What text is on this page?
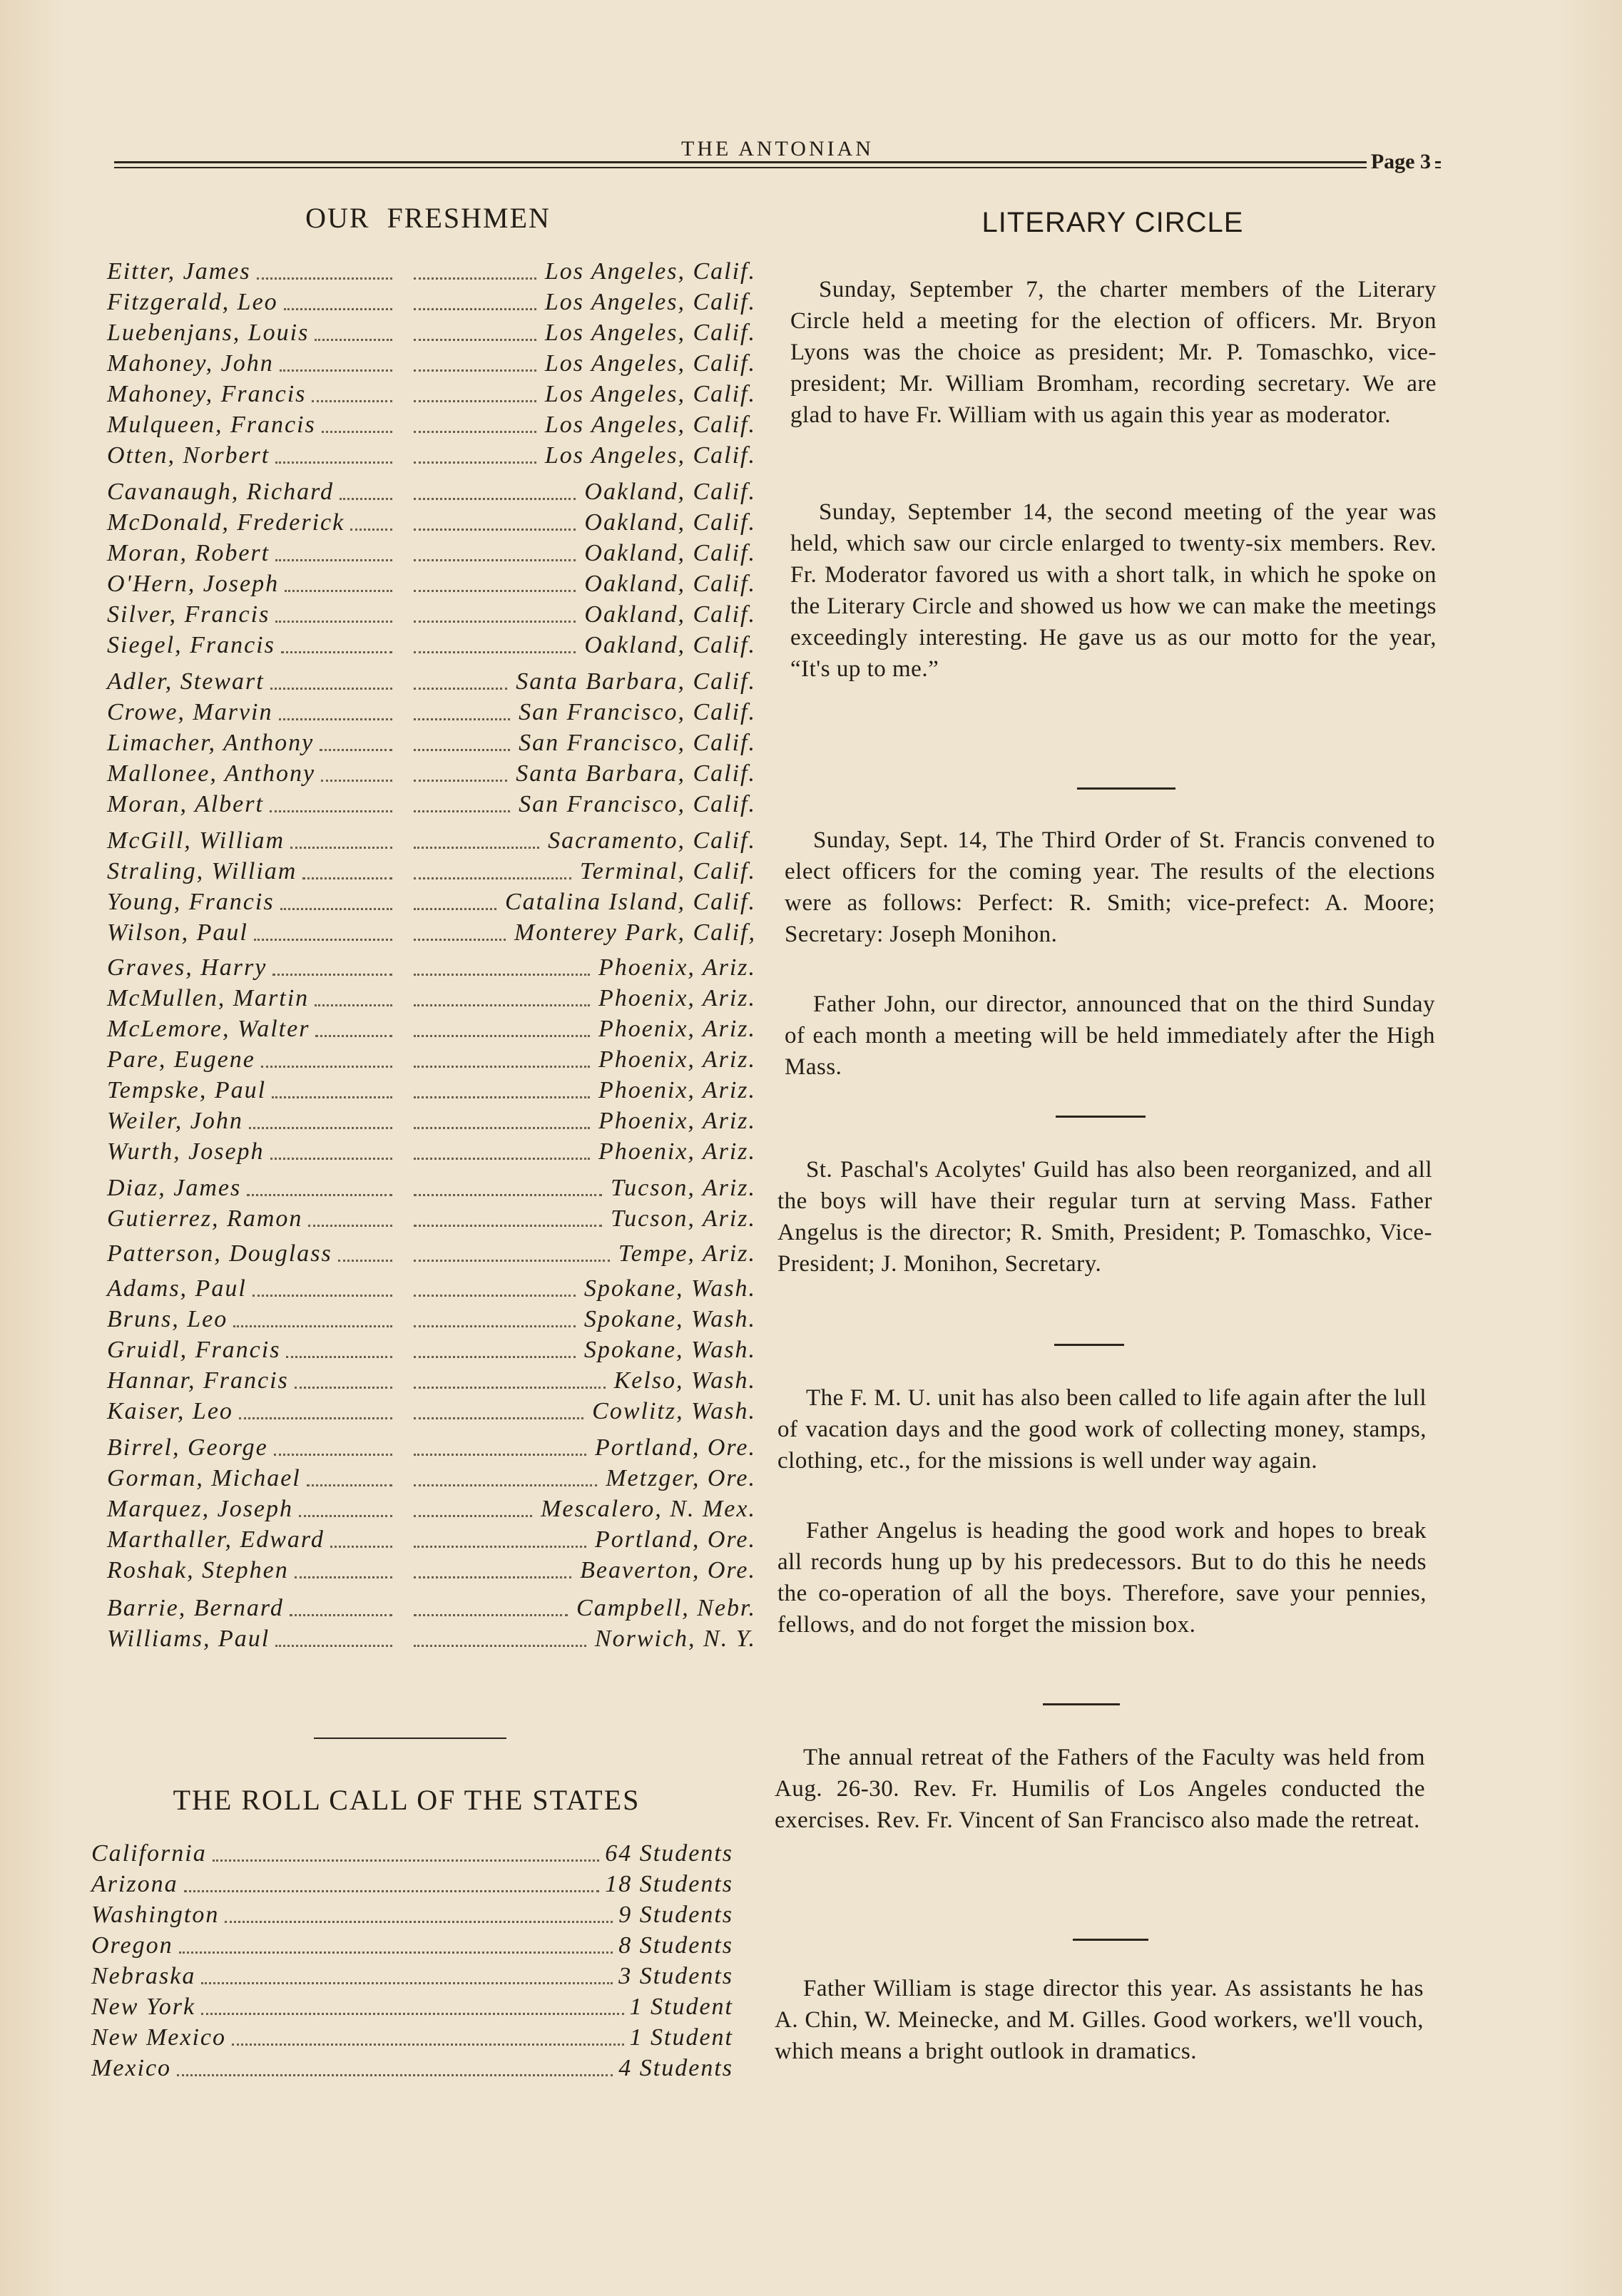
THE ANTONIAN
Page 3
OUR  FRESHMEN
Eitter, James	Los Angeles, Calif.
Fitzgerald, Leo	Los Angeles, Calif.
Luebenjans, Louis	Los Angeles, Calif.
Mahoney, John	Los Angeles, Calif.
Mahoney, Francis	Los Angeles, Calif.
Mulqueen, Francis	Los Angeles, Calif.
Otten, Norbert	Los Angeles, Calif.
Cavanaugh, Richard	Oakland, Calif.
McDonald, Frederick	Oakland, Calif.
Moran, Robert	Oakland, Calif.
O'Hern, Joseph	Oakland, Calif.
Silver, Francis	Oakland, Calif.
Siegel, Francis	Oakland, Calif.
Adler, Stewart	Santa Barbara, Calif.
Crowe, Marvin	San Francisco, Calif.
Limacher, Anthony	San Francisco, Calif.
Mallonee, Anthony	Santa Barbara, Calif.
Moran, Albert	San Francisco, Calif.
McGill, William	Sacramento, Calif.
Straling, William	Terminal, Calif.
Young, Francis	Catalina Island, Calif.
Wilson, Paul	Monterey Park, Calif,
Graves, Harry	Phoenix, Ariz.
McMullen, Martin	Phoenix, Ariz.
McLemore, Walter	Phoenix, Ariz.
Pare, Eugene	Phoenix, Ariz.
Tempske, Paul	Phoenix, Ariz.
Weiler, John	Phoenix, Ariz.
Wurth, Joseph	Phoenix, Ariz.
Diaz, James	Tucson, Ariz.
Gutierrez, Ramon	Tucson, Ariz.
Patterson, Douglass	Tempe, Ariz.
Adams, Paul	Spokane, Wash.
Bruns, Leo	Spokane, Wash.
Gruidl, Francis	Spokane, Wash.
Hannar, Francis	Kelso, Wash.
Kaiser, Leo	Cowlitz, Wash.
Birrel, George	Portland, Ore.
Gorman, Michael	Metzger, Ore.
Marquez, Joseph	Mescalero, N. Mex.
Marthaller, Edward	Portland, Ore.
Roshak, Stephen	Beaverton, Ore.
Barrie, Bernard	Campbell, Nebr.
Williams, Paul	Norwich, N. Y.
THE ROLL CALL OF THE STATES
California	64 Students
Arizona	18 Students
Washington	9 Students
Oregon	8 Students
Nebraska	3 Students
New York	1 Student
New Mexico	1 Student
Mexico	4 Students
LITERARY CIRCLE
Sunday, September 7, the charter members of the Literary Circle held a meeting for the election of officers. Mr. Bryon Lyons was the choice as president; Mr. P. Tomaschko, vice-president; Mr. William Bromham, recording secretary. We are glad to have Fr. William with us again this year as moderator.
Sunday, September 14, the second meeting of the year was held, which saw our circle enlarged to twenty-six members. Rev. Fr. Moderator favored us with a short talk, in which he spoke on the Literary Circle and showed us how we can make the meetings exceedingly interesting. He gave us as our motto for the year, “It's up to me.”
Sunday, Sept. 14, The Third Order of St. Francis convened to elect officers for the coming year. The results of the elections were as follows: Perfect: R. Smith; vice-prefect: A. Moore; Secretary: Joseph Monihon.
Father John, our director, announced that on the third Sunday of each month a meeting will be held immediately after the High Mass.
St. Paschal's Acolytes' Guild has also been reorganized, and all the boys will have their regular turn at serving Mass. Father Angelus is the director; R. Smith, President; P. Tomaschko, Vice-President; J. Monihon, Secretary.
The F. M. U. unit has also been called to life again after the lull of vacation days and the good work of collecting money, stamps, clothing, etc., for the missions is well under way again.
Father Angelus is heading the good work and hopes to break all records hung up by his predecessors. But to do this he needs the co-operation of all the boys. Therefore, save your pennies, fellows, and do not forget the mission box.
The annual retreat of the Fathers of the Faculty was held from Aug. 26-30. Rev. Fr. Humilis of Los Angeles conducted the exercises. Rev. Fr. Vincent of San Francisco also made the retreat.
Father William is stage director this year. As assistants he has A. Chin, W. Meinecke, and M. Gilles. Good workers, we'll vouch, which means a bright outlook in dramatics.
